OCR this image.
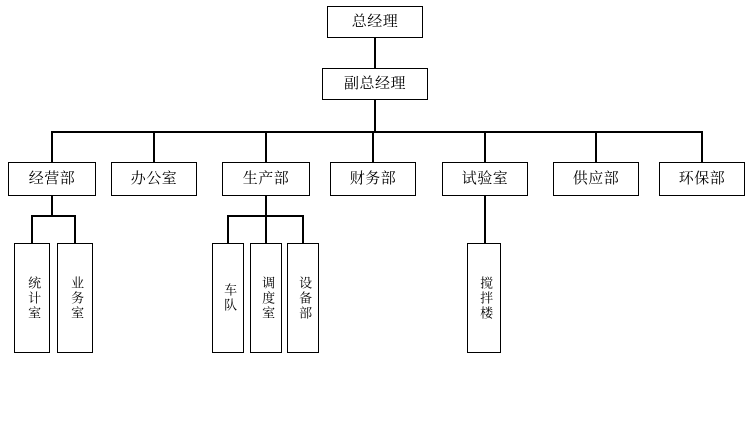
总经理
副总经理
经营部	办公室	生产部	财务部	试验室	供应部	环保部
统计室 业务室	车队 调度室 设备部	搅拌楼
